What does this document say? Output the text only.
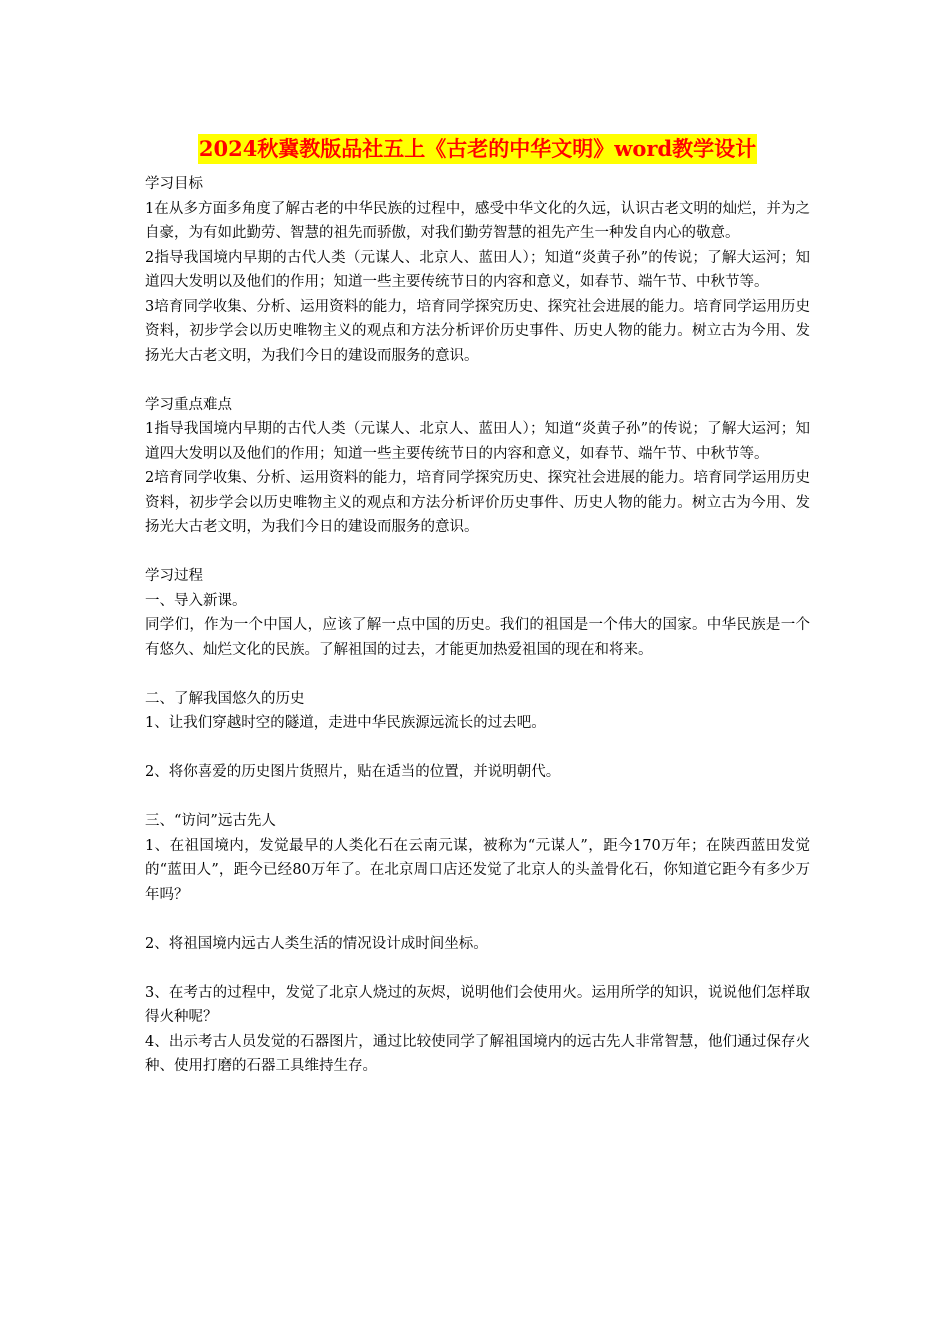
2024秋冀教版品社五上《古老的中华文明》word教学设计

学习目标

1在从多方面多角度了解古老的中华民族的过程中，感受中华文化的久远，认识古老文明的灿烂，并为之自豪，为有如此勤劳、智慧的祖先而骄傲，对我们勤劳智慧的祖先产生一种发自内心的敬意。

2指导我国境内早期的古代人类（元谋人、北京人、蓝田人）；知道“炎黄子孙”的传说；了解大运河；知道四大发明以及他们的作用；知道一些主要传统节日的内容和意义，如春节、端午节、中秋节等。

3培育同学收集、分析、运用资料的能力，培育同学探究历史、探究社会进展的能力。培育同学运用历史资料，初步学会以历史唯物主义的观点和方法分析评价历史事件、历史人物的能力。树立古为今用、发扬光大古老文明，为我们今日的建设而服务的意识。

学习重点难点

1指导我国境内早期的古代人类（元谋人、北京人、蓝田人）；知道“炎黄子孙”的传说；了解大运河；知道四大发明以及他们的作用；知道一些主要传统节日的内容和意义，如春节、端午节、中秋节等。

2培育同学收集、分析、运用资料的能力，培育同学探究历史、探究社会进展的能力。培育同学运用历史资料，初步学会以历史唯物主义的观点和方法分析评价历史事件、历史人物的能力。树立古为今用、发扬光大古老文明，为我们今日的建设而服务的意识。

学习过程

一、导入新课。

同学们，作为一个中国人，应该了解一点中国的历史。我们的祖国是一个伟大的国家。中华民族是一个有悠久、灿烂文化的民族。了解祖国的过去，才能更加热爱祖国的现在和将来。

二、了解我国悠久的历史

1、让我们穿越时空的隧道，走进中华民族源远流长的过去吧。

2、将你喜爱的历史图片货照片，贴在适当的位置，并说明朝代。

三、“访问”远古先人

1、在祖国境内，发觉最早的人类化石在云南元谋，被称为“元谋人”，距今170万年；在陕西蓝田发觉的“蓝田人”，距今已经80万年了。在北京周口店还发觉了北京人的头盖骨化石，你知道它距今有多少万年吗？

2、将祖国境内远古人类生活的情况设计成时间坐标。

3、在考古的过程中，发觉了北京人烧过的灰烬，说明他们会使用火。运用所学的知识，说说他们怎样取得火种呢？

4、出示考古人员发觉的石器图片，通过比较使同学了解祖国境内的远古先人非常智慧，他们通过保存火种、使用打磨的石器工具维持生存。
